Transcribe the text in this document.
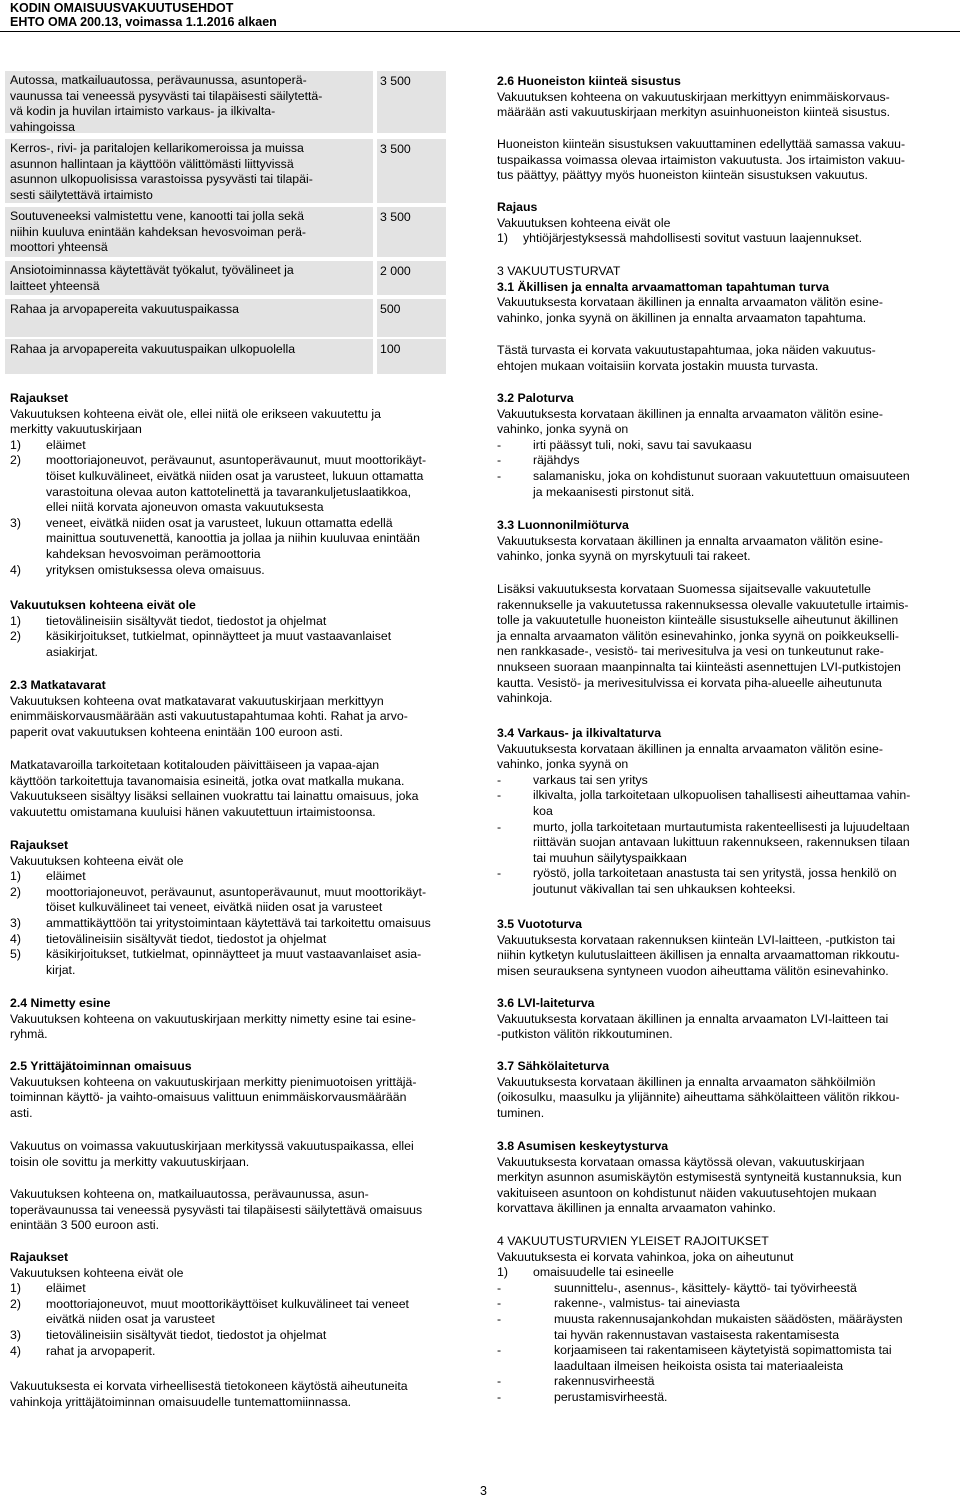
KODIN OMAISUUSVAKUUTUSEHDOT
EHTO OMA 200.13, voimassa 1.1.2016 alkaen
Autossa, matkailuautossa, perävaunussa, asuntoperä-
vaunussa tai veneessä pysyvästi tai tilapäisesti säilytettä-
vä kodin ja huvilan irtaimisto varkaus- ja ilkivalta-
vahingoissa
3 500
Kerros-, rivi- ja paritalojen kellarikomeroissa ja muissa
asunnon hallintaan ja käyttöön välittömästi liittyvissä
asunnon ulkopuolisissa varastoissa pysyvästi tai tilapäi-
sesti säilytettävä irtaimisto
3 500
Soutuveneeksi valmistettu vene, kanootti tai jolla sekä
niihin kuuluva enintään kahdeksan hevosvoiman perä-
moottori yhteensä
3 500
Ansiotoiminnassa käytettävät työkalut, työvälineet ja
laitteet yhteensä
2 000
Rahaa ja arvopapereita vakuutuspaikassa	500
Rahaa ja arvopapereita vakuutuspaikan ulkopuolella	100
Rajaukset
Vakuutuksen kohteena eivät ole, ellei niitä ole erikseen vakuutettu ja
merkitty vakuutuskirjaan
1) eläimet
2) moottoriajoneuvot, perävaunut, asuntoperävaunut, muut moottorikäyt-
töiset kulkuvälineet, eivätkä niiden osat ja varusteet, lukuun ottamatta
varastoituna olevaa auton kattotelinettä ja tavarankuljetuslaatikkoa,
ellei niitä korvata ajoneuvon omasta vakuutuksesta
3) veneet, eivätkä niiden osat ja varusteet, lukuun ottamatta edellä
mainittua soutuvenettä, kanoottia ja jollaa ja niihin kuuluvaa enintään
kahdeksan hevosvoiman perämoottoria
4) yrityksen omistuksessa oleva omaisuus.
Vakuutuksen kohteena eivät ole
1) tietovälineisiin sisältyvät tiedot, tiedostot ja ohjelmat
2) käsikirjoitukset, tutkielmat, opinnäytteet ja muut vastaavanlaiset
asiakirjat.
2.3 Matkatavarat
Vakuutuksen kohteena ovat matkatavarat vakuutuskirjaan merkittyyn
enimmäiskorvausmäärään asti vakuutustapahtumaa kohti. Rahat ja arvo-
paperit ovat vakuutuksen kohteena enintään 100 euroon asti.
Matkatavaroilla tarkoitetaan kotitalouden päivittäiseen ja vapaa-ajan
käyttöön tarkoitettuja tavanomaisia esineitä, jotka ovat matkalla mukana.
Vakuutukseen sisältyy lisäksi sellainen vuokrattu tai lainattu omaisuus, joka
vakuutettu omistamana kuuluisi hänen vakuutettuun irtaimistoonsa.
Rajaukset
Vakuutuksen kohteena eivät ole
1) eläimet
2) moottoriajoneuvot, perävaunut, asuntoperävaunut, muut moottorikäyt-
töiset kulkuvälineet tai veneet, eivätkä niiden osat ja varusteet
3) ammattikäyttöön tai yritystoimintaan käytettävä tai tarkoitettu omaisuus
4) tietovälineisiin sisältyvät tiedot, tiedostot ja ohjelmat
5) käsikirjoitukset, tutkielmat, opinnäytteet ja muut vastaavanlaiset asia-
kirjat.
2.4 Nimetty esine
Vakuutuksen kohteena on vakuutuskirjaan merkitty nimetty esine tai esine-
ryhmä.
2.5 Yrittäjätoiminnan omaisuus
Vakuutuksen kohteena on vakuutuskirjaan merkitty pienimuotoisen yrittäjä-
toiminnan käyttö- ja vaihto-omaisuus valittuun enimmäiskorvausmäärään
asti.
Vakuutus on voimassa vakuutuskirjaan merkityssä vakuutuspaikassa, ellei
toisin ole sovittu ja merkitty vakuutuskirjaan.
Vakuutuksen kohteena on, matkailuautossa, perävaunussa, asun-
toperävaunussa tai veneessä pysyvästi tai tilapäisesti säilytettävä omaisuus
enintään 3 500 euroon asti.
Rajaukset
Vakuutuksen kohteena eivät ole
1) eläimet
2) moottoriajoneuvot, muut moottorikäyttöiset kulkuvälineet tai veneet
eivätkä niiden osat ja varusteet
3) tietovälineisiin sisältyvät tiedot, tiedostot ja ohjelmat
4) rahat ja arvopaperit.
Vakuutuksesta ei korvata virheellisestä tietokoneen käytöstä aiheutuneita
vahinkoja yrittäjätoiminnan omaisuudelle tuntemattomiinnassa.
2.6 Huoneiston kiinteä sisustus
Vakuutuksen kohteena on vakuutuskirjaan merkittyyn enimmäiskorvaus-
määrään asti vakuutuskirjaan merkityn asuinhuoneiston kiinteä sisustus.
Huoneiston kiinteän sisustuksen vakuuttaminen edellyttää samassa vakuu-
tuspaikassa voimassa olevaa irtaimiston vakuutusta. Jos irtaimiston vakuu-
tus päättyy, päättyy myös huoneiston kiinteän sisustuksen vakuutus.
Rajaus
Vakuutuksen kohteena eivät ole
1) yhtiöjärjestyksessä mahdollisesti sovitut vastuun laajennukset.
3 VAKUUTUSTURVAT
3.1 Äkillisen ja ennalta arvaamattoman tapahtuman turva
Vakuutuksesta korvataan äkillinen ja ennalta arvaamaton välitön esine-
vahinko, jonka syynä on äkillinen ja ennalta arvaamaton tapahtuma.
Tästä turvasta ei korvata vakuutustapahtumaa, joka näiden vakuutus-
ehtojen mukaan voitaisiin korvata jostakin muusta turvasta.
3.2 Paloturva
Vakuutuksesta korvataan äkillinen ja ennalta arvaamaton välitön esine-
vahinko, jonka syynä on
-	irti päässyt tuli, noki, savu tai savukaasu
-	räjähdys
-	salamanisku, joka on kohdistunut suoraan vakuutettuun omaisuuteen
ja mekaanisesti pirstonut sitä.
3.3 Luonnonilmiöturva
Vakuutuksesta korvataan äkillinen ja ennalta arvaamaton välitön esine-
vahinko, jonka syynä on myrskytuuli tai rakeet.
Lisäksi vakuutuksesta korvataan Suomessa sijaitsevalle vakuutetulle
rakennukselle ja vakuutetussa rakennuksessa olevalle vakuutetulle irtaimis-
tolle ja vakuutetulle huoneiston kiinteälle sisustukselle aiheutunut äkillinen
ja ennalta arvaamaton välitön esinevahinko, jonka syynä on poikkeukselli-
nen rankkasade-, vesistö- tai merivesitulva ja vesi on tunkeutunut rake-
nnukseen suoraan maanpinnalta tai kiinteästi asennettujen LVI-putkistojen
kautta. Vesistö- ja merivesitulvissa ei korvata piha-alueelle aiheutunuta
vahinkoja.
3.4 Varkaus- ja ilkivaltaturva
Vakuutuksesta korvataan äkillinen ja ennalta arvaamaton välitön esine-
vahinko, jonka syynä on
-	varkaus tai sen yritys
-	ilkivalta, jolla tarkoitetaan ulkopuolisen tahallisesti aiheuttamaa vahin-
koa
-	murto, jolla tarkoitetaan murtautumista rakenteellisesti ja lujuudeltaan
riittävän suojan antavaan lukittuun rakennukseen, rakennuksen tilaan
tai muuhun säilytyspaikkaan
-	ryöstö, jolla tarkoitetaan anastusta tai sen yritystä, jossa henkilö on
joutunut väkivallan tai sen uhkauksen kohteeksi.
3.5 Vuototurva
Vakuutuksesta korvataan rakennuksen kiinteän LVI-laitteen, -putkiston tai
niihin kytketyn kulutuslaitteen äkillisen ja ennalta arvaamattoman rikkoutu-
misen seurauksena syntyneen vuodon aiheuttama välitön esinevahinko.
3.6 LVI-laiteturva
Vakuutuksesta korvataan äkillinen ja ennalta arvaamaton LVI-laitteen tai
-putkiston välitön rikkoutuminen.
3.7 Sähkölaiteturva
Vakuutuksesta korvataan äkillinen ja ennalta arvaamaton sähköilmiön
(oikosulku, maasulku ja ylijännite) aiheuttama sähkölaitteen välitön rikkou-
tuminen.
3.8 Asumisen keskeytysturva
Vakuutuksesta korvataan omassa käytössä olevan, vakuutuskirjaan
merkityn asunnon asumiskäytön estymisestä syntyneitä kustannuksia, kun
vakituiseen asuntoon on kohdistunut näiden vakuutusehtojen mukaan
korvattava äkillinen ja ennalta arvaamaton vahinko.
4 VAKUUTUSTURVIEN YLEISET RAJOITUKSET
Vakuutuksesta ei korvata vahinkoa, joka on aiheutunut
1) omaisuudelle tai esineelle
-	suunnittelu-, asennus-, käsittely- käyttö- tai työvirheestä
-	rakenne-, valmistus- tai aineviasta
-	muusta rakennusajankohdan mukaisten säädösten, määräysten
tai hyvän rakennustavan vastaisesta rakentamisesta
-	korjaamiseen tai rakentamiseen käytetyistä sopimattomista tai
laadultaan ilmeisen heikoista osista tai materiaaleista
-	rakennusvirheestä
-	perustamisvirheestä.
3
